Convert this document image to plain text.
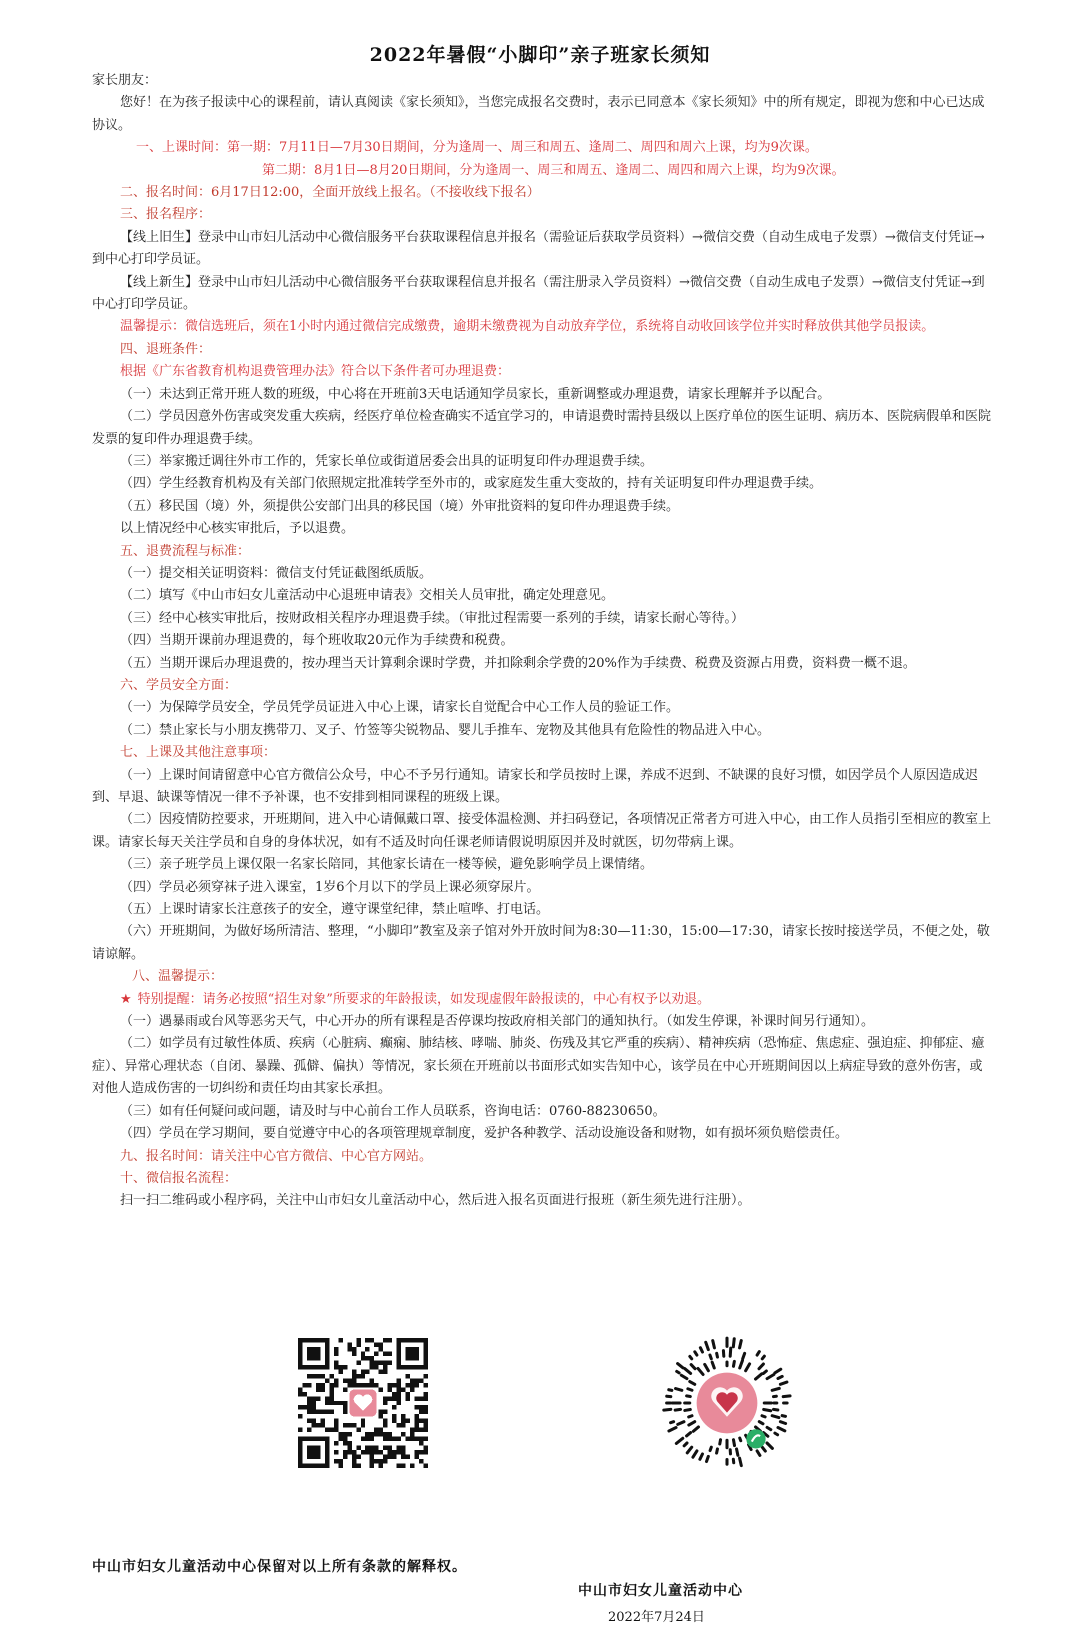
2022年暑假“小脚印”亲子班家长须知

家长朋友：

您好！在为孩子报读中心的课程前，请认真阅读《家长须知》，当您完成报名交费时，表示已同意本《家长须知》中的所有规定，即视为您和中心已达成协议。

一、上课时间：第一期：7月11日—7月30日期间，分为逢周一、周三和周五、逢周二、周四和周六上课，均为9次课。

第二期：8月1日—8月20日期间，分为逢周一、周三和周五、逢周二、周四和周六上课，均为9次课。

二、报名时间：6月17日12:00，全面开放线上报名。（不接收线下报名）

三、报名程序：

【线上旧生】登录中山市妇儿活动中心微信服务平台获取课程信息并报名（需验证后获取学员资料）→微信交费（自动生成电子发票）→微信支付凭证→到中心打印学员证。

【线上新生】登录中山市妇儿活动中心微信服务平台获取课程信息并报名（需注册录入学员资料）→微信交费（自动生成电子发票）→微信支付凭证→到中心打印学员证。

温馨提示：微信选班后，须在1小时内通过微信完成缴费，逾期未缴费视为自动放弃学位，系统将自动收回该学位并实时释放供其他学员报读。

四、退班条件：

根据《广东省教育机构退费管理办法》符合以下条件者可办理退费：

（一）未达到正常开班人数的班级，中心将在开班前3天电话通知学员家长，重新调整或办理退费，请家长理解并予以配合。

（二）学员因意外伤害或突发重大疾病，经医疗单位检查确实不适宜学习的，申请退费时需持县级以上医疗单位的医生证明、病历本、医院病假单和医院发票的复印件办理退费手续。

（三）举家搬迁调往外市工作的，凭家长单位或街道居委会出具的证明复印件办理退费手续。

（四）学生经教育机构及有关部门依照规定批准转学至外市的，或家庭发生重大变故的，持有关证明复印件办理退费手续。

（五）移民国（境）外，须提供公安部门出具的移民国（境）外审批资料的复印件办理退费手续。

以上情况经中心核实审批后，予以退费。

五、退费流程与标准：

（一）提交相关证明资料：微信支付凭证截图纸质版。

（二）填写《中山市妇女儿童活动中心退班申请表》交相关人员审批，确定处理意见。

（三）经中心核实审批后，按财政相关程序办理退费手续。（审批过程需要一系列的手续，请家长耐心等待。）

（四）当期开课前办理退费的，每个班收取20元作为手续费和税费。

（五）当期开课后办理退费的，按办理当天计算剩余课时学费，并扣除剩余学费的20%作为手续费、税费及资源占用费，资料费一概不退。

六、学员安全方面：

（一）为保障学员安全，学员凭学员证进入中心上课，请家长自觉配合中心工作人员的验证工作。

（二）禁止家长与小朋友携带刀、叉子、竹签等尖锐物品、婴儿手推车、宠物及其他具有危险性的物品进入中心。

七、上课及其他注意事项：

（一）上课时间请留意中心官方微信公众号，中心不予另行通知。请家长和学员按时上课，养成不迟到、不缺课的良好习惯，如因学员个人原因造成迟到、早退、缺课等情况一律不予补课，也不安排到相同课程的班级上课。

（二）因疫情防控要求，开班期间，进入中心请佩戴口罩、接受体温检测、并扫码登记，各项情况正常者方可进入中心，由工作人员指引至相应的教室上课。请家长每天关注学员和自身的身体状况，如有不适及时向任课老师请假说明原因并及时就医，切勿带病上课。

（三）亲子班学员上课仅限一名家长陪同，其他家长请在一楼等候，避免影响学员上课情绪。

（四）学员必须穿袜子进入课室，1岁6个月以下的学员上课必须穿尿片。

（五）上课时请家长注意孩子的安全，遵守课堂纪律，禁止喧哗、打电话。

（六）开班期间，为做好场所清洁、整理，“小脚印”教室及亲子馆对外开放时间为8:30—11:30，15:00—17:30，请家长按时接送学员，不便之处，敬请谅解。

八、温馨提示：

★ 特别提醒：请务必按照“招生对象”所要求的年龄报读，如发现虚假年龄报读的，中心有权予以劝退。

（一）遇暴雨或台风等恶劣天气，中心开办的所有课程是否停课均按政府相关部门的通知执行。（如发生停课，补课时间另行通知）。

（二）如学员有过敏性体质、疾病（心脏病、癫痫、肺结核、哮喘、肺炎、伤残及其它严重的疾病）、精神疾病（恐怖症、焦虑症、强迫症、抑郁症、癔症）、异常心理状态（自闭、暴躁、孤僻、偏执）等情况，家长须在开班前以书面形式如实告知中心，该学员在中心开班期间因以上病症导致的意外伤害，或对他人造成伤害的一切纠纷和责任均由其家长承担。

（三）如有任何疑问或问题，请及时与中心前台工作人员联系，咨询电话：0760-88230650。

（四）学员在学习期间，要自觉遵守中心的各项管理规章制度，爱护各种教学、活动设施设备和财物，如有损坏须负赔偿责任。

九、报名时间：请关注中心官方微信、中心官方网站。

十、微信报名流程：

扫一扫二维码或小程序码，关注中山市妇女儿童活动中心，然后进入报名页面进行报班（新生须先进行注册）。

中山市妇女儿童活动中心保留对以上所有条款的解释权。
中山市妇女儿童活动中心
2022年7月24日
